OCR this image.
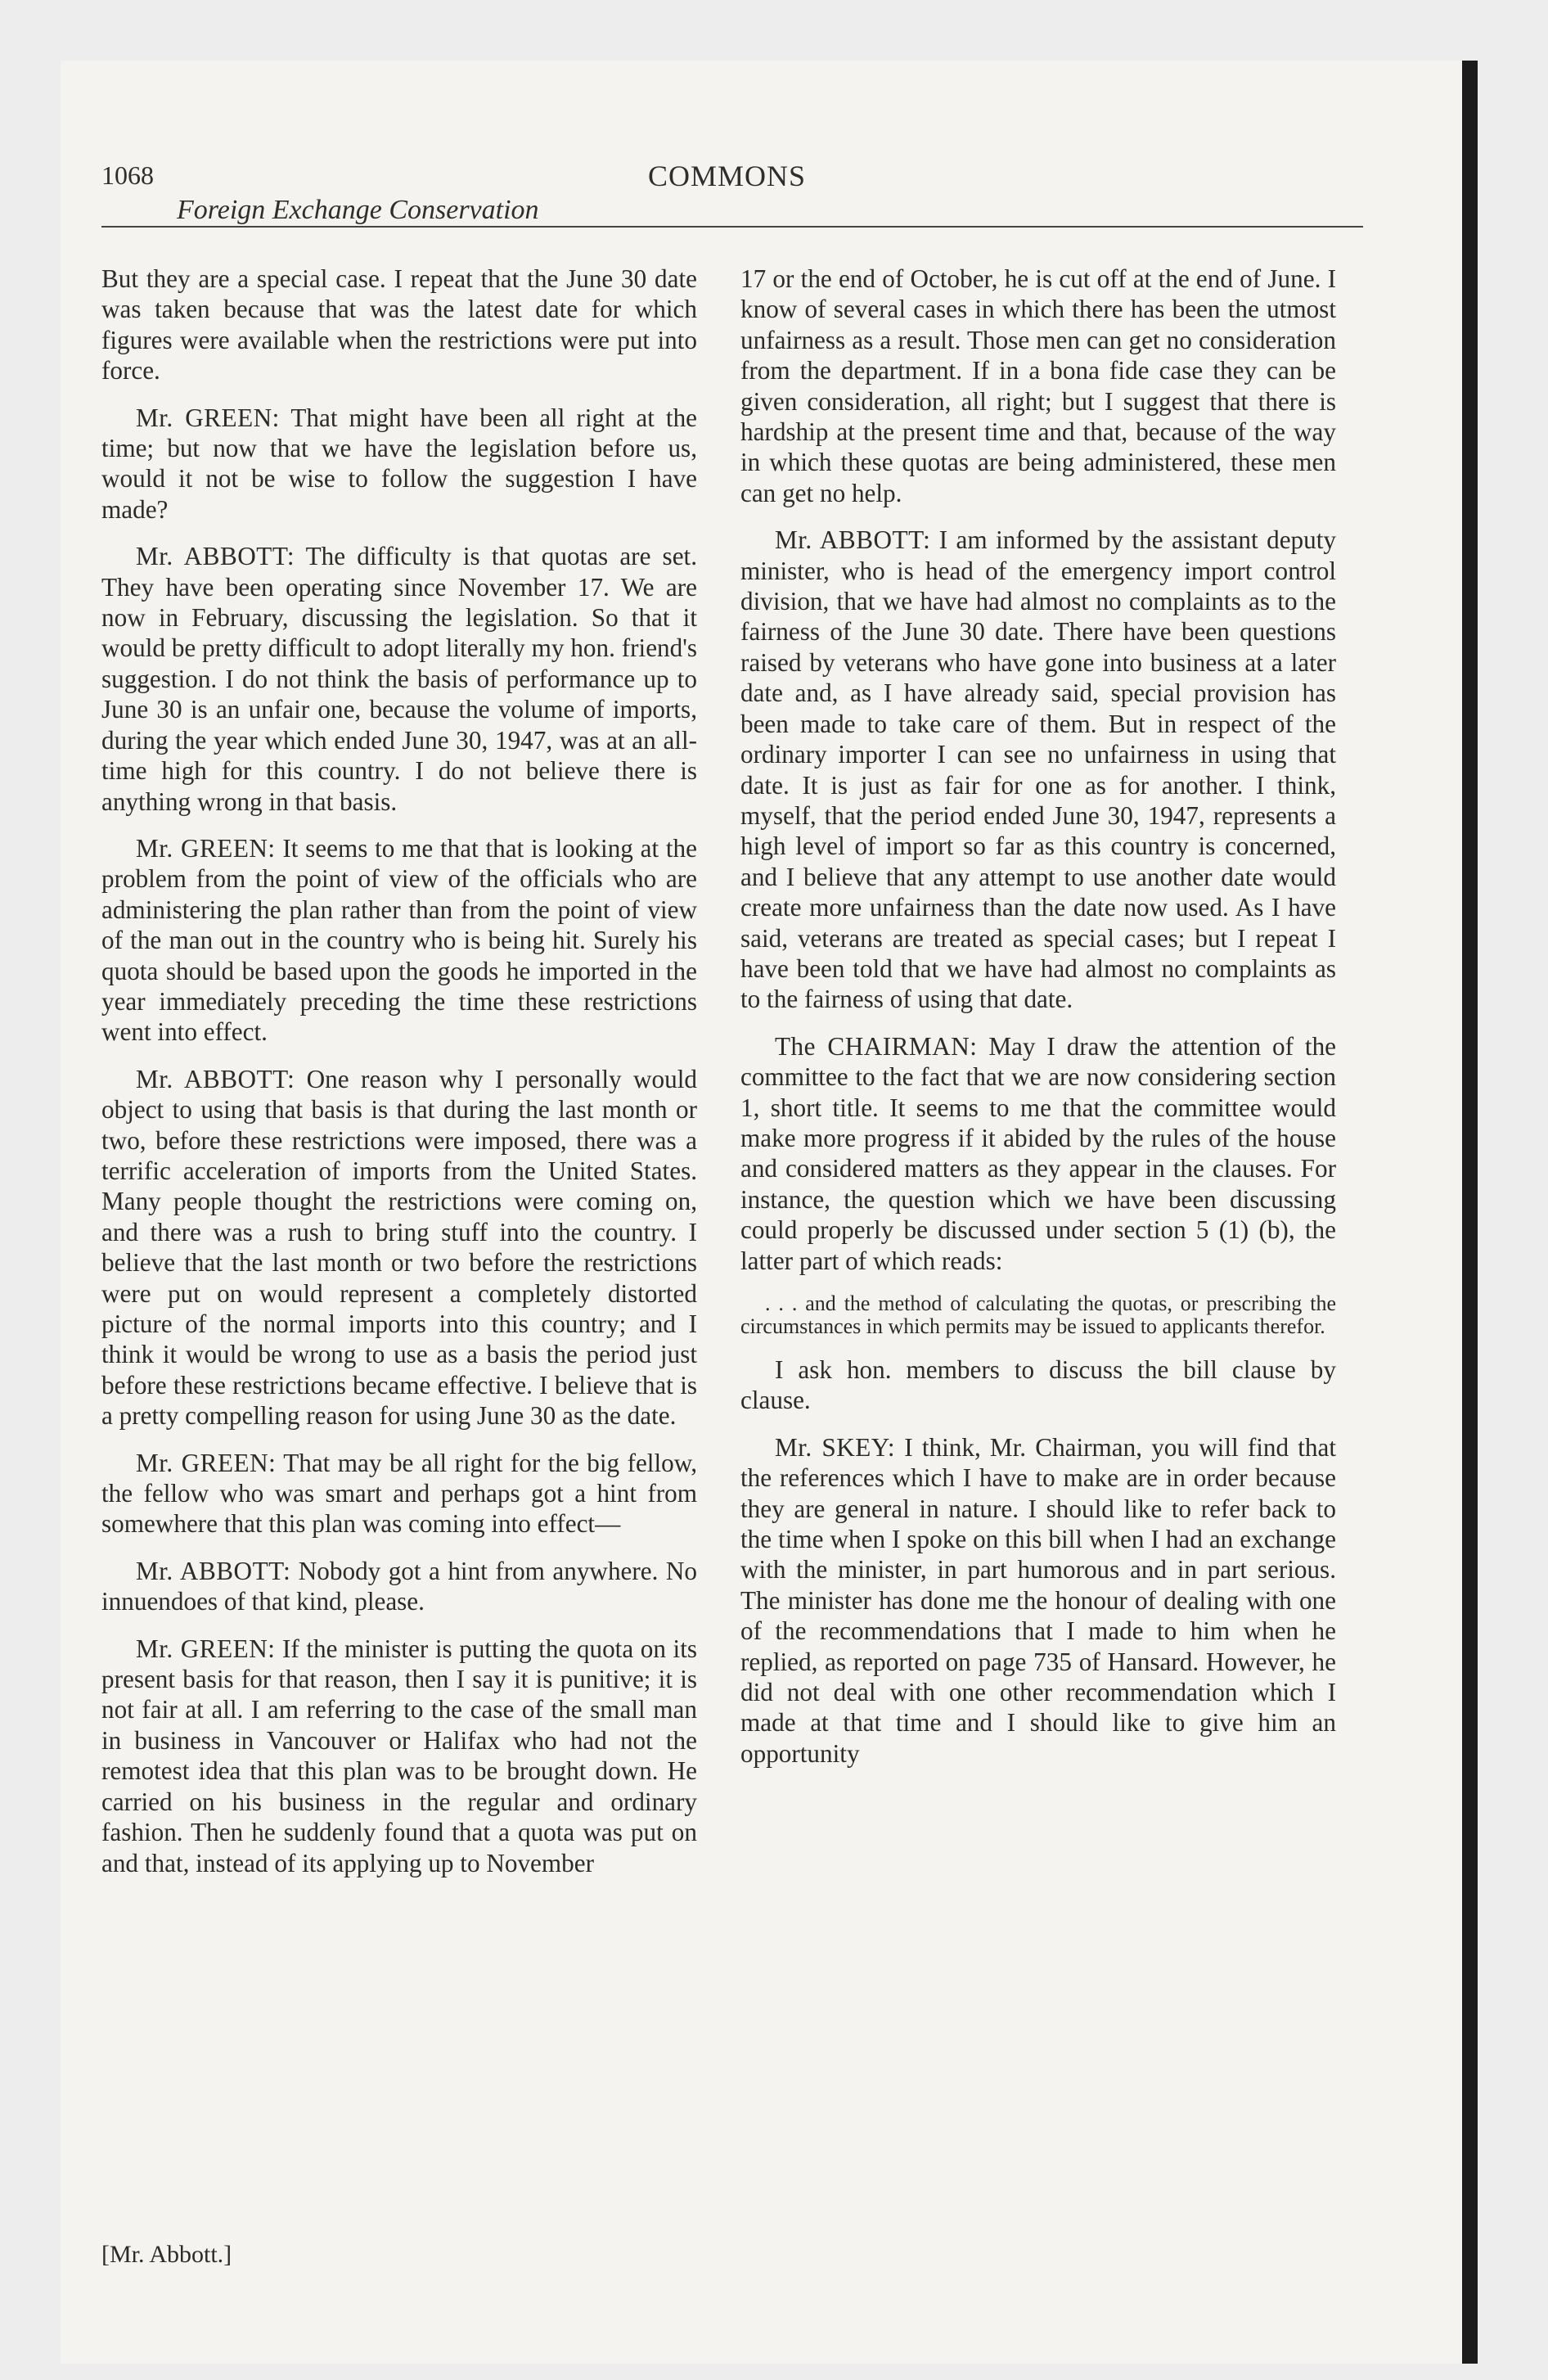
1068	COMMONS
Foreign Exchange Conservation

But they are a special case. I repeat that the June 30 date was taken because that was the latest date for which figures were available when the restrictions were put into force.

Mr. GREEN: That might have been all right at the time; but now that we have the legislation before us, would it not be wise to follow the suggestion I have made?

Mr. ABBOTT: The difficulty is that quotas are set. They have been operating since November 17. We are now in February, discussing the legislation. So that it would be pretty difficult to adopt literally my hon. friend's suggestion. I do not think the basis of performance up to June 30 is an unfair one, because the volume of imports, during the year which ended June 30, 1947, was at an all-time high for this country. I do not believe there is anything wrong in that basis.

Mr. GREEN: It seems to me that that is looking at the problem from the point of view of the officials who are administering the plan rather than from the point of view of the man out in the country who is being hit. Surely his quota should be based upon the goods he imported in the year immediately preceding the time these restrictions went into effect.

Mr. ABBOTT: One reason why I personally would object to using that basis is that during the last month or two, before these restrictions were imposed, there was a terrific acceleration of imports from the United States. Many people thought the restrictions were coming on, and there was a rush to bring stuff into the country. I believe that the last month or two before the restrictions were put on would represent a completely distorted picture of the normal imports into this country; and I think it would be wrong to use as a basis the period just before these restrictions became effective. I believe that is a pretty compelling reason for using June 30 as the date.

Mr. GREEN: That may be all right for the big fellow, the fellow who was smart and perhaps got a hint from somewhere that this plan was coming into effect—

Mr. ABBOTT: Nobody got a hint from anywhere. No innuendoes of that kind, please.

Mr. GREEN: If the minister is putting the quota on its present basis for that reason, then I say it is punitive; it is not fair at all. I am referring to the case of the small man in business in Vancouver or Halifax who had not the remotest idea that this plan was to be brought down. He carried on his business in the regular and ordinary fashion. Then he suddenly found that a quota was put on and that, instead of its applying up to November

17 or the end of October, he is cut off at the end of June. I know of several cases in which there has been the utmost unfairness as a result. Those men can get no consideration from the department. If in a bona fide case they can be given consideration, all right; but I suggest that there is hardship at the present time and that, because of the way in which these quotas are being administered, these men can get no help.

Mr. ABBOTT: I am informed by the assistant deputy minister, who is head of the emergency import control division, that we have had almost no complaints as to the fairness of the June 30 date. There have been questions raised by veterans who have gone into business at a later date and, as I have already said, special provision has been made to take care of them. But in respect of the ordinary importer I can see no unfairness in using that date. It is just as fair for one as for another. I think, myself, that the period ended June 30, 1947, represents a high level of import so far as this country is concerned, and I believe that any attempt to use another date would create more unfairness than the date now used. As I have said, veterans are treated as special cases; but I repeat I have been told that we have had almost no complaints as to the fairness of using that date.

The CHAIRMAN: May I draw the attention of the committee to the fact that we are now considering section 1, short title. It seems to me that the committee would make more progress if it abided by the rules of the house and considered matters as they appear in the clauses. For instance, the question which we have been discussing could properly be discussed under section 5 (1) (b), the latter part of which reads:

. . . and the method of calculating the quotas, or prescribing the circumstances in which permits may be issued to applicants therefor.

I ask hon. members to discuss the bill clause by clause.

Mr. SKEY: I think, Mr. Chairman, you will find that the references which I have to make are in order because they are general in nature. I should like to refer back to the time when I spoke on this bill when I had an exchange with the minister, in part humorous and in part serious. The minister has done me the honour of dealing with one of the recommendations that I made to him when he replied, as reported on page 735 of Hansard. However, he did not deal with one other recommendation which I made at that time and I should like to give him an opportunity

[Mr. Abbott.]
